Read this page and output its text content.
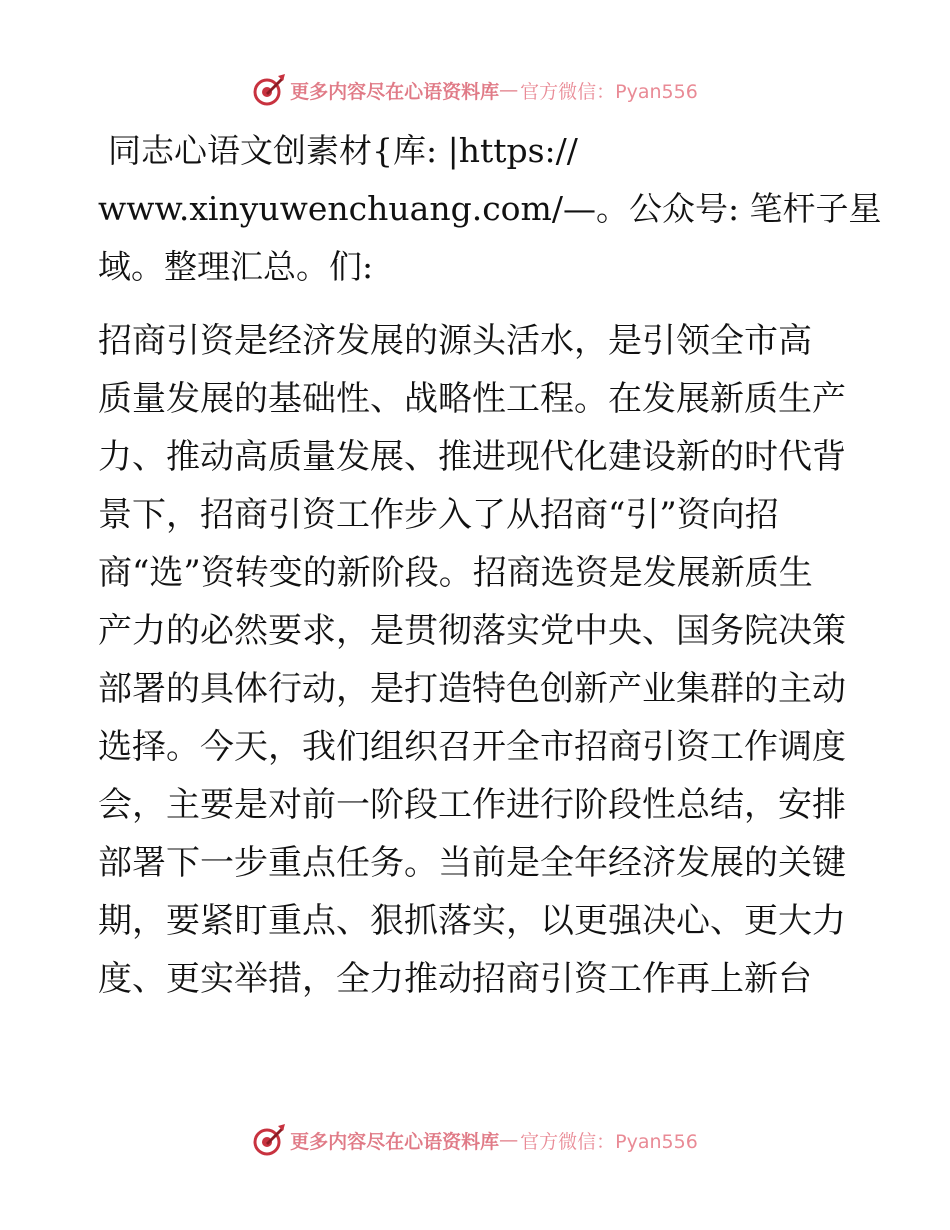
更多内容尽在心语资料库 — 官方微信：Pyan556
同志心语文创素材{库: |https://
www.xinyuwenchuang.com/—。公众号: 笔杆子星
域。整理汇总。们:
招商引资是经济发展的源头活水，是引领全市高
质量发展的基础性、战略性工程。在发展新质生产
力、推动高质量发展、推进现代化建设新的时代背
景下，招商引资工作步入了从招商“引”资向招
商“选”资转变的新阶段。招商选资是发展新质生
产力的必然要求，是贯彻落实党中央、国务院决策
部署的具体行动，是打造特色创新产业集群的主动
选择。今天，我们组织召开全市招商引资工作调度
会，主要是对前一阶段工作进行阶段性总结，安排
部署下一步重点任务。当前是全年经济发展的关键
期，要紧盯重点、狠抓落实，以更强决心、更大力
度、更实举措，全力推动招商引资工作再上新台
更多内容尽在心语资料库 — 官方微信：Pyan556
